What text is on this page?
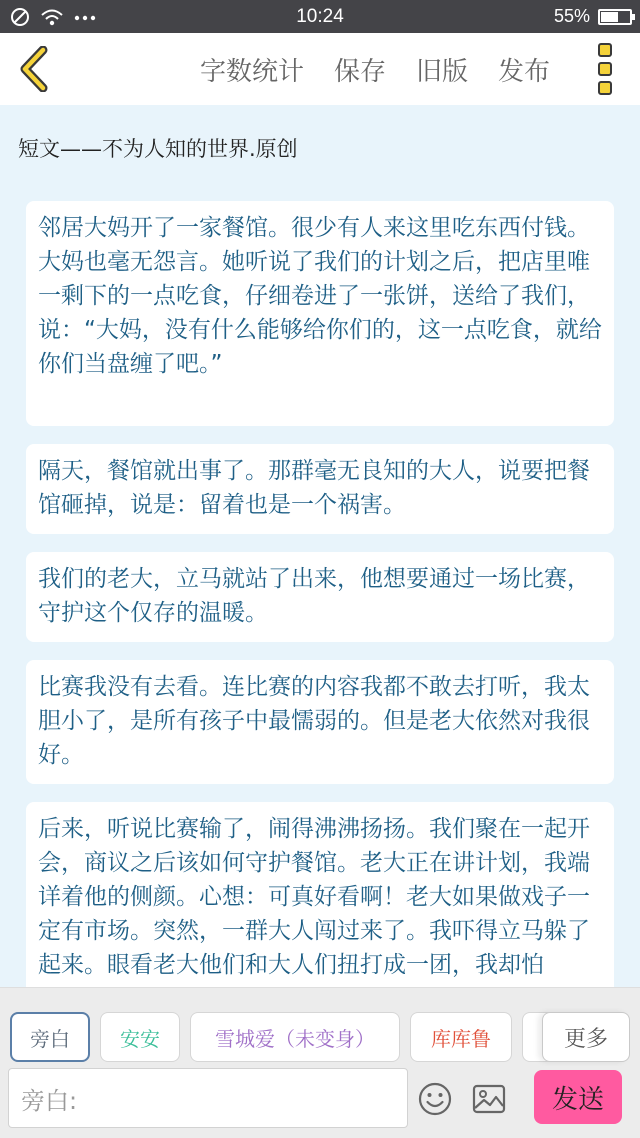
10:24	55%
字数统计 保存 旧版 发布
短文——不为人知的世界.原创
邻居大妈开了一家餐馆。很少有人来这里吃东西付钱。大妈也毫无怨言。她听说了我们的计划之后，把店里唯一剩下的一点吃食，仔细卷进了一张饼，送给了我们，说：“大妈，没有什么能够给你们的，这一点吃食，就给你们当盘缠了吧。”
隔天，餐馆就出事了。那群毫无良知的大人，说要把餐馆砸掉，说是：留着也是一个祸害。
我们的老大，立马就站了出来，他想要通过一场比赛，守护这个仅存的温暖。
比赛我没有去看。连比赛的内容我都不敢去打听，我太胆小了，是所有孩子中最懦弱的。但是老大依然对我很好。
后来，听说比赛输了，闹得沸沸扬扬。我们聚在一起开会，商议之后该如何守护餐馆。老大正在讲计划，我端详着他的侧颜。心想：可真好看啊！老大如果做戏子一定有市场。突然，一群大人闯过来了。我吓得立马躲了起来。眼看老大他们和大人们扭打成一团，我却怕
旁白	安安	雪城爱（未变身）	库库鲁	更多
旁白:	发送
